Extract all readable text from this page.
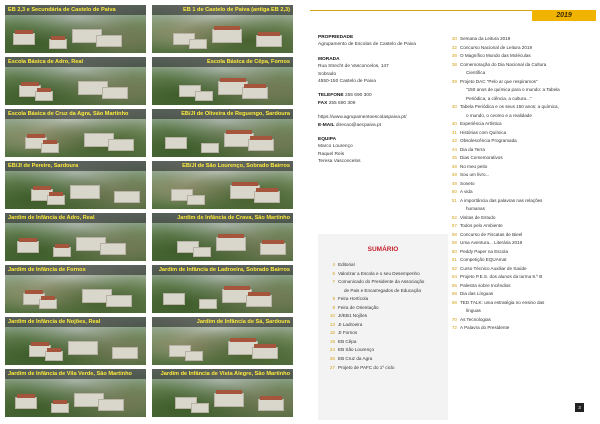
EB 2,3 e Secundária de Castelo de Paiva	EB 1 de Castelo de Paiva (antiga EB 2,3)
Escola Básica de Adro, Real	Escola Básica de Cêpa, Fornos
Escola Básica de Cruz da Agra, São Martinho	EB/JI de Oliveira de Reguengo, Sardoura
EB/JI de Pereire, Sardoura	EB/JI de São Lourenço, Sobrado Bairros
Jardim de Infância de Adro, Real	Jardim de Infância de Crava, São Martinho
Jardim de Infância de Fornos	Jardim de Infância de Ladroeira, Sobrado Bairros
Jardim de Infância de Nojões, Real	Jardim de Infância de Sá, Sardoura
Jardim de Infância de Vila Verde, São Martinho	Jardim de Infância de Vista Alegre, São Martinho
2019
PROPRIEDADE
Agrupamento de Escolas de Castelo de Paiva
MORADA
Rua Strecht de Vasconcelos, 147
Sobrado
4550-150 Castelo de Paiva
TELEFONE 255 690 300
FAX 255 690 309
https://www.agrupamentoescolaspaiva.pt/
E-MAIL direcao@aecpaiva.pt
EQUIPA
Marco Lourenço
Raquel Reis
Teresa Vasconcelos
SUMÁRIO
4 Editorial
6 Valorizar a Escola e o seu Desempenho
7 Comunicado do Presidente da Associação
de Pais e Encarregados de Educação
8 Feira Hortícola
9 Feira de Orientação
10 JI/EB1 Nojões
13 JI Ladroeira
15 JI Fornos
19 EB Cêpa
24 EB São Lourenço
26 EB Cruz da Agra
27 Projeto de PAFC do 1º ciclo
30 Semana da Leitura 2019
32 Concurso Nacional de Leitura 2019
36 O Magnífico Mundo das Moléculas
38 Comemoração do Dia Nacional da Cultura
Científica
39 Projeto DAC "Pelo ar que respiramos"
"150 anos de química para o mundo: a Tabela
Periódica, a ciência, a cultura..."
40 Tabela Periódica e os seus 150 anos: a química,
o mundo, o ceomo e a realidade
40 Experiência Artística
41 Histórias com Química
42 Obsolescência Programada
44 Dia da Terra
45 Dias Comemorativos
49 No meu peito
49 Sou um livro...
49 Soneto
50 A vida
51 A importância das palavras nas relações
humanas
52 Visitas de Estudo
57 Todos pelo Ambiente
58 Concurso de Fiscatas de Bieel
59 Uma Aventura... Literária 2019
60 Peddy Paper na Escola
61 Competição EQUAmat
62 Curso Técnico Auxiliar de Saúde
64 Projeto P.E.S. dos alunos da turma 9.º B
65 Palestra sobre Incêndios
68 Dia das Línguas
69 TED TALK: uma estratégia no ensino das
línguas
70 As Tecnologias
72 A Palavra do Presidente
3
